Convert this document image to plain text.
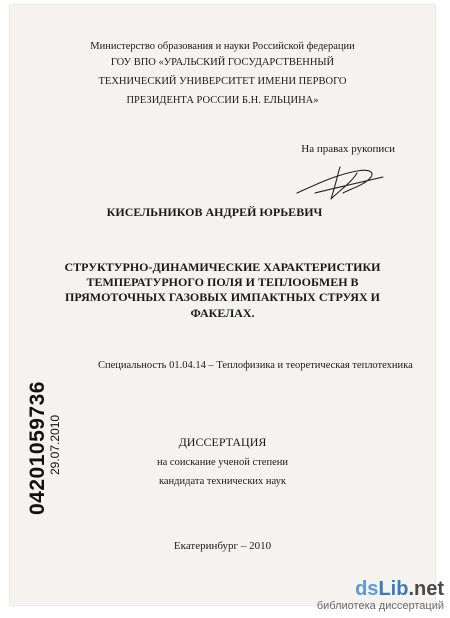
Министерство образования и науки Российской федерации
ГОУ ВПО «УРАЛЬСКИЙ ГОСУДАРСТВЕННЫЙ
ТЕХНИЧЕСКИЙ УНИВЕРСИТЕТ ИМЕНИ ПЕРВОГО
ПРЕЗИДЕНТА РОССИИ Б.Н. ЕЛЬЦИНА»
На правах рукописи
КИСЕЛЬНИКОВ АНДРЕЙ ЮРЬЕВИЧ
СТРУКТУРНО-ДИНАМИЧЕСКИЕ ХАРАКТЕРИСТИКИ
ТЕМПЕРАТУРНОГО ПОЛЯ И ТЕПЛООБМЕН В
ПРЯМОТОЧНЫХ ГАЗОВЫХ ИМПАКТНЫХ СТРУЯХ И
ФАКЕЛАХ.
Специальность 01.04.14 – Теплофизика и теоретическая теплотехника
ДИССЕРТАЦИЯ
на соискание ученой степени
кандидата технических наук
Екатеринбург – 2010
04201059736 29.07.2010
dsLib.net
библиотека диссертаций
